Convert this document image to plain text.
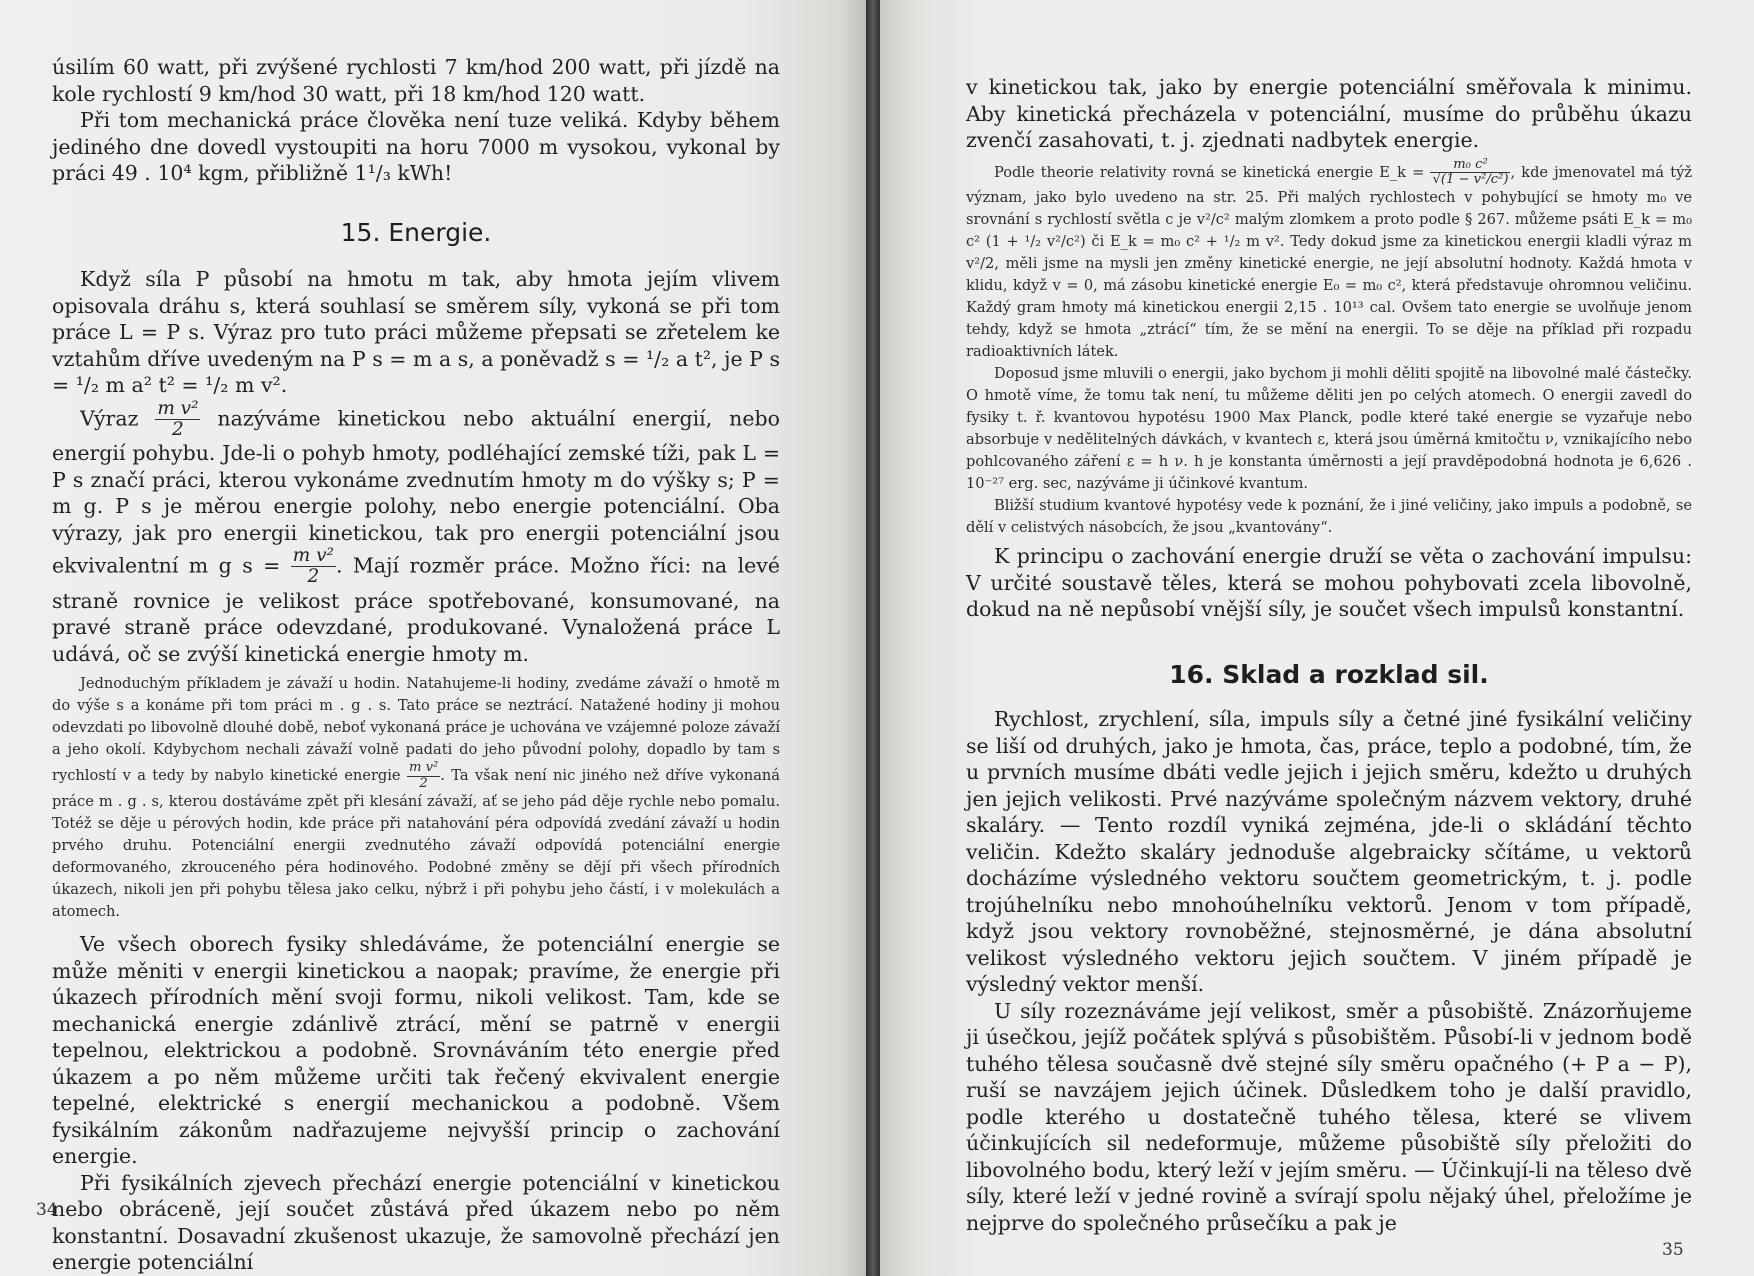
úsilím 60 watt, při zvýšené rychlosti 7 km/hod 200 watt, při jízdě na kole rychlostí 9 km/hod 30 watt, při 18 km/hod 120 watt.

Při tom mechanická práce člověka není tuze veliká. Kdyby během jediného dne dovedl vystoupiti na horu 7000 m vysokou, vykonal by práci 49 . 10⁴ kgm, přibližně 1¹/₃ kWh!

15. Energie.

Když síla P působí na hmotu m tak, aby hmota jejím vlivem opisovala dráhu s, která souhlasí se směrem síly, vykoná se při tom práce L = P s. Výraz pro tuto práci můžeme přepsati se zřetelem ke vztahům dříve uvedeným na P s = m a s, a poněvadž s = ¹/₂ a t², je P s = ¹/₂ m a² t² = ¹/₂ m v².

Výraz $\frac{\text{m v²}}{2}$ nazýváme kinetickou nebo aktuální energií, nebo energií pohybu. Jde-li o pohyb hmoty, podléhající zemské tíži, pak L = P s značí práci, kterou vykonáme zvednutím hmoty m do výšky s; P = m g. P s je měrou energie polohy, nebo energie potenciální. Oba výrazy, jak pro energii kinetickou, tak pro energii potenciální jsou ekvivalentní m g $s = \frac{\text{m v²}}{2}$ . Mají rozměr práce. Možno říci: na levé straně rovnice je velikost práce spotřebované, konsumované, na pravé straně práce odevzdané, produkované. Vynaložená práce L udává, oč se zvýší kinetická energie hmoty m.

Jednoduchým příkladem je závaží u hodin. Natahujeme-li hodiny, zvedáme závaží o hmotě m do výše s a konáme při tom práci m . g . s. Tato práce se neztrácí. Natažené hodiny ji mohou odevzdati po libovolně dlouhé době, neboť vykonaná práce je uchována ve vzájemné poloze závaží a jeho okolí. Kdybychom nechali závaží volně padati do jeho původní polohy, dopadlo by tam s rychlostí v a tedy by nabylo kinetické energie $\frac{\text{m v²}}{2}$ . Ta však není nic jiného než dříve vykonaná práce m . g . s, kterou dostáváme zpět při klesání závaží, ať se jeho pád děje rychle nebo pomalu. Totéž se děje u pérových hodin, kde práce při natahování péra odpovídá zvedání závaží u hodin prvého druhu. Potenciální energii zvednutého závaží odpovídá potenciální energie deformovaného, zkrouceného péra hodinového. Podobné změny se dějí při všech přírodních úkazech, nikoli jen při pohybu tělesa jako celku, nýbrž i při pohybu jeho částí, i v molekulách a atomech.

Ve všech oborech fysiky shledáváme, že potenciální energie se může měniti v energii kinetickou a naopak; pravíme, že energie při úkazech přírodních mění svoji formu, nikoli velikost. Tam, kde se mechanická energie zdánlivě ztrácí, mění se patrně v energii tepelnou, elektrickou a podobně. Srovnáváním této energie před úkazem a po něm můžeme určiti tak řečený ekvivalent energie tepelné, elektrické s energií mechanickou a podobně. Všem fysikálním zákonům nadřazujeme nejvyšší princip o zachování energie.

Při fysikálních zjevech přechází energie potenciální v kinetickou nebo obráceně, její součet zůstává před úkazem nebo po něm konstantní. Dosavadní zkušenost ukazuje, že samovolně přechází jen energie potenciální

34

v kinetickou tak, jako by energie potenciální směřovala k minimu. Aby kinetická přecházela v potenciální, musíme do průběhu úkazu zvenčí zasahovati, t. j. zjednati nadbytek energie.

Podle theorie relativity rovná se kinetická energie E_k = $\frac{\text{m₀ c²}}{\text{√(1 − v²/c²)}}$ , kde jmenovatel má týž význam, jako bylo uvedeno na str. 25. Při malých rychlostech v pohybující se hmoty m₀ ve srovnání s rychlostí světla c je v²/c² malým zlomkem a proto podle § 267. můžeme psáti E_k = m₀ c² (1 + ¹/₂ v²/c²) či E_k = m₀ c² + ¹/₂ m v². Tedy dokud jsme za kinetickou energii kladli výraz m v²/2, měli jsme na mysli jen změny kinetické energie, ne její absolutní hodnoty. Každá hmota v klidu, když v = 0, má zásobu kinetické energie E₀ = m₀ c², která představuje ohromnou veličinu. Každý gram hmoty má kinetickou energii 2,15 . 10¹³ cal. Ovšem tato energie se uvolňuje jenom tehdy, když se hmota „ztrácí“ tím, že se mění na energii. To se děje na příklad při rozpadu radioaktivních látek.

Doposud jsme mluvili o energii, jako bychom ji mohli děliti spojitě na libovolné malé částečky. O hmotě víme, že tomu tak není, tu můžeme děliti jen po celých atomech. O energii zavedl do fysiky t. ř. kvantovou hypotésu 1900 Max Planck, podle které také energie se vyzařuje nebo absorbuje v nedělitelných dávkách, v kvantech ε, která jsou úměrná kmitočtu ν, vznikajícího nebo pohlcovaného záření ε = h ν. h je konstanta úměrnosti a její pravděpodobná hodnota je 6,626 . 10⁻²⁷ erg. sec, nazýváme ji účinkové kvantum.

Bližší studium kvantové hypotésy vede k poznání, že i jiné veličiny, jako impuls a podobně, se dělí v celistvých násobcích, že jsou „kvantovány“.

K principu o zachování energie druží se věta o zachování impulsu: V určité soustavě těles, která se mohou pohybovati zcela libovolně, dokud na ně nepůsobí vnější síly, je součet všech impulsů konstantní.

16. Sklad a rozklad sil.

Rychlost, zrychlení, síla, impuls síly a četné jiné fysikální veličiny se liší od druhých, jako je hmota, čas, práce, teplo a podobné, tím, že u prvních musíme dbáti vedle jejich i jejich směru, kdežto u druhých jen jejich velikosti. Prvé nazýváme společným názvem vektory, druhé skaláry. — Tento rozdíl vyniká zejména, jde-li o skládání těchto veličin. Kdežto skaláry jednoduše algebraicky sčítáme, u vektorů docházíme výsledného vektoru součtem geometrickým, t. j. podle trojúhelníku nebo mnohoúhelníku vektorů. Jenom v tom případě, když jsou vektory rovnoběžné, stejnosměrné, je dána absolutní velikost výsledného vektoru jejich součtem. V jiném případě je výsledný vektor menší.

U síly rozeznáváme její velikost, směr a působiště. Znázorňujeme ji úsečkou, jejíž počátek splývá s působištěm. Působí-li v jednom bodě tuhého tělesa současně dvě stejné síly směru opačného (+ P a − P), ruší se navzájem jejich účinek. Důsledkem toho je další pravidlo, podle kterého u dostatečně tuhého tělesa, které se vlivem účinkujících sil nedeformuje, můžeme působiště síly přeložiti do libovolného bodu, který leží v jejím směru. — Účinkují-li na těleso dvě síly, které leží v jedné rovině a svírají spolu nějaký úhel, přeložíme je nejprve do společného průsečíku a pak je

35
